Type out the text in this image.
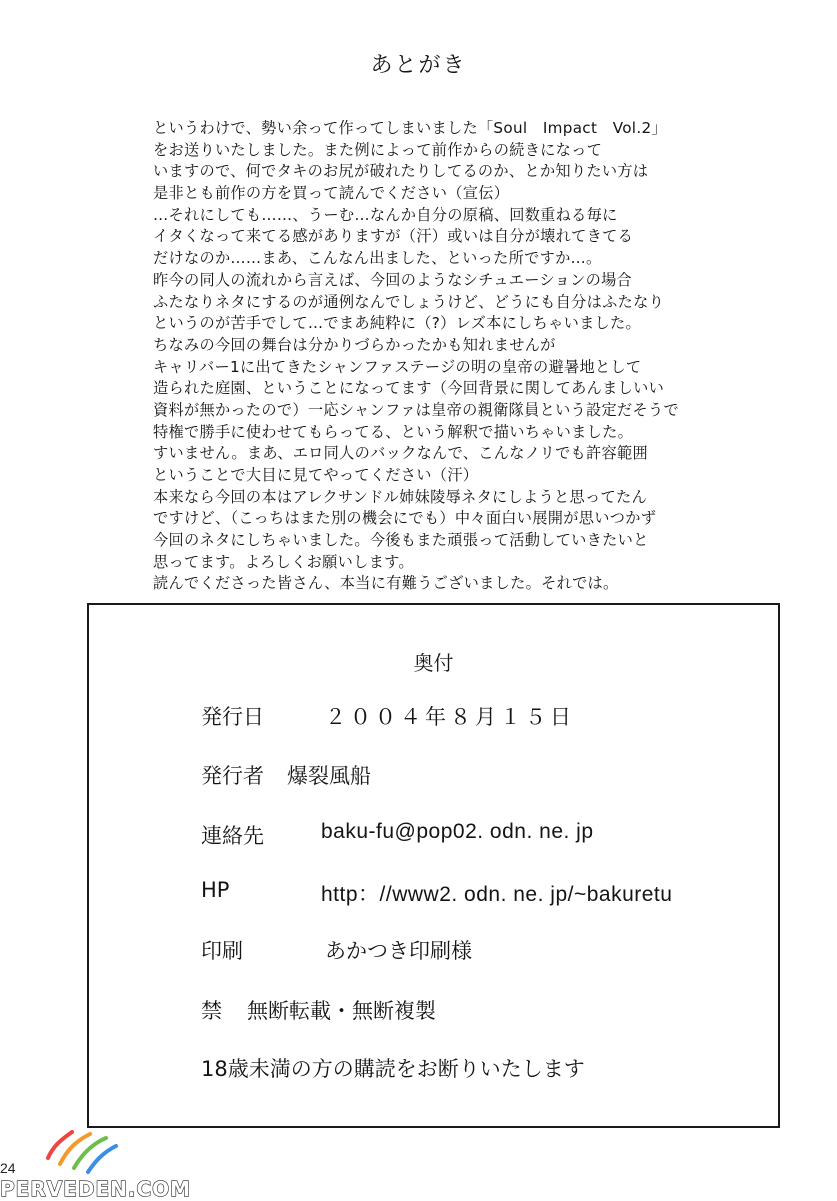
あとがき
というわけで、勢い余って作ってしまいました「Soul　Impact　Vol.2」
をお送りいたしました。また例によって前作からの続きになって
いますので、何でタキのお尻が破れたりしてるのか、とか知りたい方は
是非とも前作の方を買って読んでください（宣伝）
…それにしても……、うーむ…なんか自分の原稿、回数重ねる毎に
イタくなって来てる感がありますが（汗）或いは自分が壊れてきてる
だけなのか……まあ、こんなん出ました、といった所ですか…。
昨今の同人の流れから言えば、今回のようなシチュエーションの場合
ふたなりネタにするのが通例なんでしょうけど、どうにも自分はふたなり
というのが苦手でして…でまあ純粋に（?）レズ本にしちゃいました。
ちなみの今回の舞台は分かりづらかったかも知れませんが
キャリバー1に出てきたシャンファステージの明の皇帝の避暑地として
造られた庭園、ということになってます（今回背景に関してあんましいい
資料が無かったので）一応シャンファは皇帝の親衛隊員という設定だそうで
特権で勝手に使わせてもらってる、という解釈で描いちゃいました。
すいません。まあ、エロ同人のバックなんで、こんなノリでも許容範囲
ということで大目に見てやってください（汗）
本来なら今回の本はアレクサンドル姉妹陵辱ネタにしようと思ってたん
ですけど、（こっちはまた別の機会にでも）中々面白い展開が思いつかず
今回のネタにしちゃいました。今後もまた頑張って活動していきたいと
思ってます。よろしくお願いします。
読んでくださった皆さん、本当に有難うございました。それでは。
奥付
発行日	２００４年８月１５日
発行者 爆裂風船
連絡先	baku-fu@pop02. odn. ne. jp
HP	http：//www2. odn. ne. jp/~bakuretu
印刷	あかつき印刷様
禁 無断転載・無断複製
18歳未満の方の購読をお断りいたします
24
PERVEDEN.COM
